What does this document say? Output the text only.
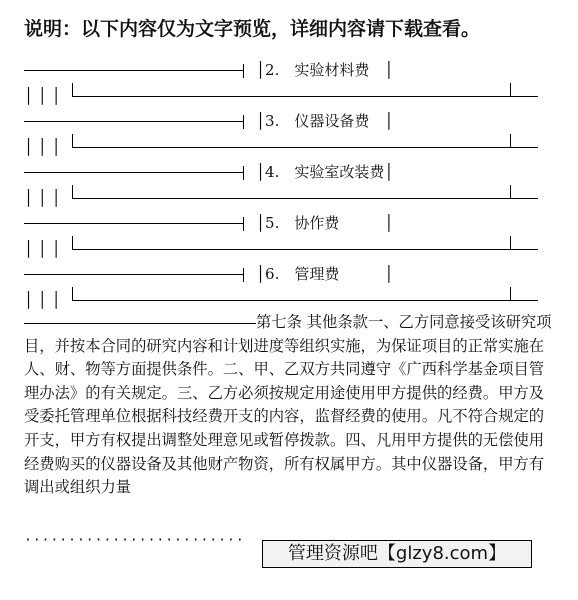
说明：以下内容仅为文字预览，详细内容请下载查看。
│2.　实验材料费　│
│ │ │
│3.　仪器设备费　│
│ │ │
│4.　实验室改装费│
│ │ │
│5.　协作费　　　│
│ │ │
│6.　管理费　　　│
│ │ │
第七条 其他条款一、乙方同意接受该研究项目，并按本合同的研究内容和计划进度等组织实施，为保证项目的正常实施在人、财、物等方面提供条件。二、甲、乙双方共同遵守《广西科学基金项目管理办法》的有关规定。三、乙方必须按规定用途使用甲方提供的经费。甲方及受委托管理单位根据科技经费开支的内容，监督经费的使用。凡不符合规定的开支，甲方有权提出调整处理意见或暂停拨款。四、凡用甲方提供的无偿使用经费购买的仪器设备及其他财产物资，所有权属甲方。其中仪器设备，甲方有调出或组织力量
·························
管理资源吧【glzy8.com】
